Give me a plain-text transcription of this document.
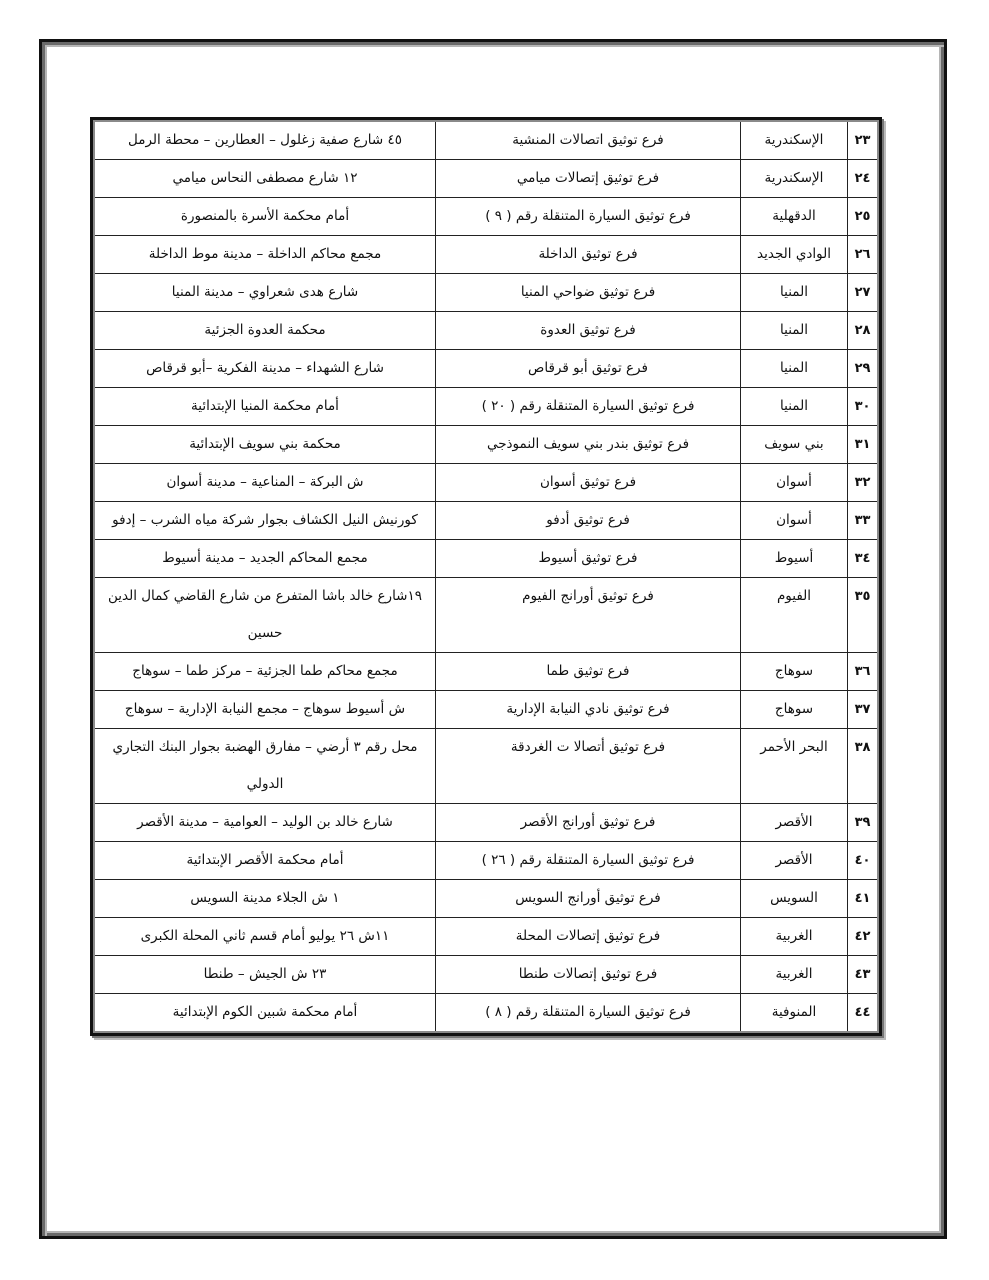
٢٣	الإسكندرية	فرع توثيق اتصالات المنشية	٤٥ شارع صفية زغلول – العطارين – محطة الرمل
٢٤	الإسكندرية	فرع توثيق إتصالات ميامي	١٢ شارع مصطفى النحاس ميامي
٢٥	الدقهلية	فرع توثيق السيارة المتنقلة رقم ( ٩ )	أمام محكمة الأسرة بالمنصورة
٢٦	الوادي الجديد	فرع توثيق الداخلة	مجمع محاكم الداخلة – مدينة موط الداخلة
٢٧	المنيا	فرع توثيق ضواحي المنيا	شارع هدى شعراوي – مدينة المنيا
٢٨	المنيا	فرع توثيق العدوة	محكمة العدوة الجزئية
٢٩	المنيا	فرع توثيق أبو قرقاص	شارع الشهداء – مدينة الفكرية –أبو قرقاص
٣٠	المنيا	فرع توثيق السيارة المتنقلة رقم ( ٢٠ )	أمام محكمة المنيا الإبتدائية
٣١	بني سويف	فرع توثيق بندر بني سويف النموذجي	محكمة بني سويف الإبتدائية
٣٢	أسوان	فرع توثيق أسوان	ش البركة – المناعية – مدينة أسوان
٣٣	أسوان	فرع توثيق أدفو	كورنيش النيل الكشاف بجوار شركة مياه الشرب – إدفو
٣٤	أسيوط	فرع توثيق أسيوط	مجمع المحاكم الجديد – مدينة أسيوط
٣٥	الفيوم	فرع توثيق أورانج الفيوم	١٩شارع خالد باشا المتفرع من شارع القاضي كمال الدين حسين
٣٦	سوهاج	فرع توثيق طما	مجمع محاكم طما الجزئية – مركز طما – سوهاج
٣٧	سوهاج	فرع توثيق نادي النيابة الإدارية	ش أسيوط سوهاج – مجمع النيابة الإدارية – سوهاج
٣٨	البحر الأحمر	فرع توثيق أتصالا ت الغردقة	محل رقم ٣ أرضي – مفارق الهضبة بجوار البنك التجاري الدولي
٣٩	الأقصر	فرع توثيق أورانج الأقصر	شارع خالد بن الوليد – العوامية – مدينة الأقصر
٤٠	الأقصر	فرع توثيق السيارة المتنقلة رقم ( ٢٦ )	أمام محكمة الأقصر الإبتدائية
٤١	السويس	فرع توثيق أورانج السويس	١ ش الجلاء مدينة السويس
٤٢	الغربية	فرع توثيق إتصالات المحلة	١١ش ٢٦ يوليو أمام قسم ثاني المحلة الكبرى
٤٣	الغربية	فرع توثيق إتصالات طنطا	٢٣ ش الجيش – طنطا
٤٤	المنوفية	فرع توثيق السيارة المتنقلة رقم ( ٨ )	أمام محكمة شبين الكوم الإبتدائية
